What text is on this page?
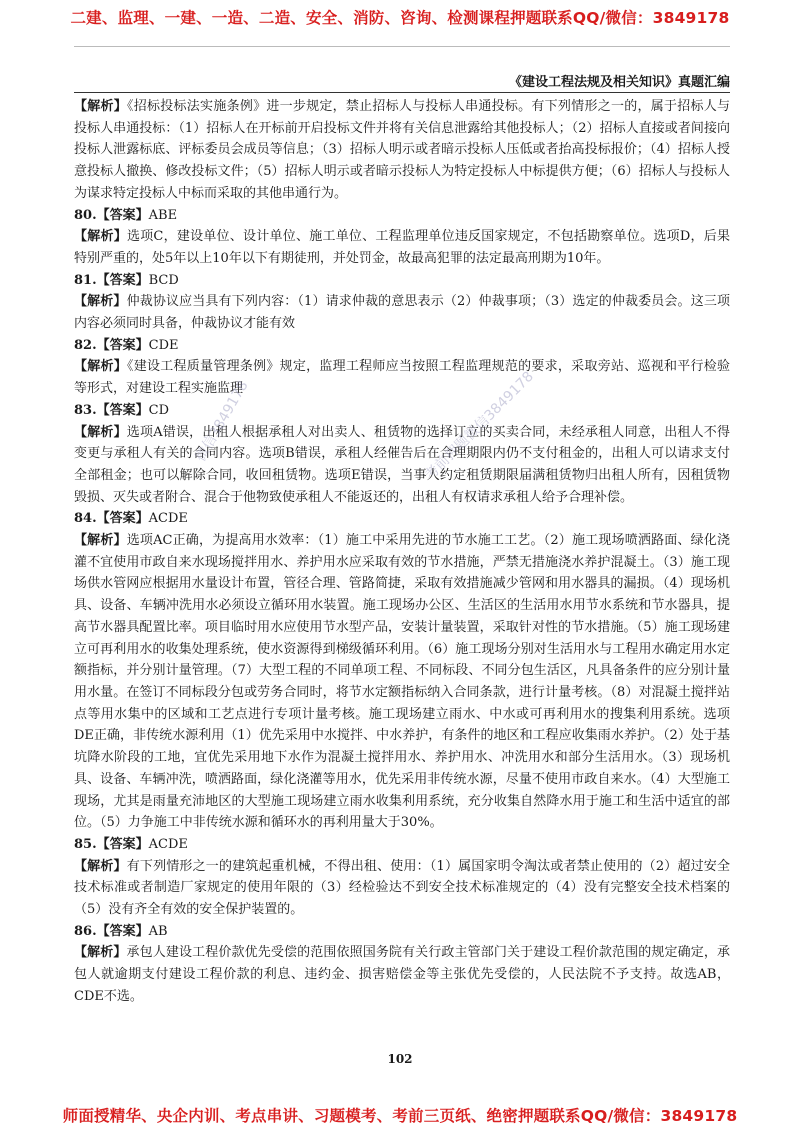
二建、监理、一建、一造、二造、安全、消防、咨询、检测课程押题联系QQ/微信：3849178
《建设工程法规及相关知识》真题汇编

【解析】《招标投标法实施条例》进一步规定，禁止招标人与投标人串通投标。有下列情形之一的，属于招标人与投标人串通投标：（1）招标人在开标前开启投标文件并将有关信息泄露给其他投标人；（2）招标人直接或者间接向投标人泄露标底、评标委员会成员等信息；（3）招标人明示或者暗示投标人压低或者抬高投标报价；（4）招标人授意投标人撤换、修改投标文件；（5）招标人明示或者暗示投标人为特定投标人中标提供方便；（6）招标人与投标人为谋求特定投标人中标而采取的其他串通行为。

80.【答案】ABE

【解析】选项C，建设单位、设计单位、施工单位、工程监理单位违反国家规定，不包括勘察单位。选项D，后果特别严重的，处5年以上10年以下有期徒刑，并处罚金，故最高犯罪的法定最高刑期为10年。

81.【答案】BCD

【解析】仲裁协议应当具有下列内容：（1）请求仲裁的意思表示（2）仲裁事项；（3）选定的仲裁委员会。这三项内容必须同时具备，仲裁协议才能有效

82.【答案】CDE

【解析】《建设工程质量管理条例》规定，监理工程师应当按照工程监理规范的要求，采取旁站、巡视和平行检验等形式，对建设工程实施监理

83.【答案】CD

【解析】选项A错误，出租人根据承租人对出卖人、租赁物的选择订立的买卖合同，未经承租人同意，出租人不得变更与承租人有关的合同内容。选项B错误，承租人经催告后在合理期限内仍不支付租金的，出租人可以请求支付全部租金；也可以解除合同，收回租赁物。选项E错误，当事人约定租赁期限届满租赁物归出租人所有，因租赁物毁损、灭失或者附合、混合于他物致使承租人不能返还的，出租人有权请求承租人给予合理补偿。

84.【答案】ACDE

【解析】选项AC正确，为提高用水效率：（1）施工中采用先进的节水施工工艺。（2）施工现场喷洒路面、绿化浇灌不宜使用市政自来水现场搅拌用水、养护用水应采取有效的节水措施，严禁无措施浇水养护混凝土。（3）施工现场供水管网应根据用水量设计布置，管径合理、管路简捷，采取有效措施减少管网和用水器具的漏损。（4）现场机具、设备、车辆冲洗用水必须设立循环用水装置。施工现场办公区、生活区的生活用水用节水系统和节水器具，提高节水器具配置比率。项目临时用水应使用节水型产品，安装计量装置，采取针对性的节水措施。（5）施工现场建立可再利用水的收集处理系统，使水资源得到梯级循环利用。（6）施工现场分别对生活用水与工程用水确定用水定额指标，并分别计量管理。（7）大型工程的不同单项工程、不同标段、不同分包生活区，凡具备条件的应分别计量用水量。在签订不同标段分包或劳务合同时，将节水定额指标纳入合同条款，进行计量考核。（8）对混凝土搅拌站点等用水集中的区域和工艺点进行专项计量考核。施工现场建立雨水、中水或可再利用水的搜集利用系统。选项DE正确，非传统水源利用（1）优先采用中水搅拌、中水养护，有条件的地区和工程应收集雨水养护。（2）处于基坑降水阶段的工地，宜优先采用地下水作为混凝土搅拌用水、养护用水、冲洗用水和部分生活用水。（3）现场机具、设备、车辆冲洗，喷洒路面，绿化浇灌等用水，优先采用非传统水源，尽量不使用市政自来水。（4）大型施工现场，尤其是雨量充沛地区的大型施工现场建立雨水收集利用系统，充分收集自然降水用于施工和生活中适宜的部位。（5）力争施工中非传统水源和循环水的再利用量大于30%。

85.【答案】ACDE

【解析】有下列情形之一的建筑起重机械，不得出租、使用：（1）属国家明令淘汰或者禁止使用的（2）超过安全技术标准或者制造厂家规定的使用年限的（3）经检验达不到安全技术标准规定的（4）没有完整安全技术档案的（5）没有齐全有效的安全保护装置的。

86.【答案】AB

【解析】承包人建设工程价款优先受偿的范围依照国务院有关行政主管部门关于建设工程价款范围的规定确定，承包人就逾期支付建设工程价款的利息、违约金、损害赔偿金等主张优先受偿的，人民法院不予支持。故选AB，CDE不选。

微信3849178	考前押题微信3849178
102
师面授精华、央企内训、考点串讲、习题模考、考前三页纸、绝密押题联系QQ/微信：3849178
